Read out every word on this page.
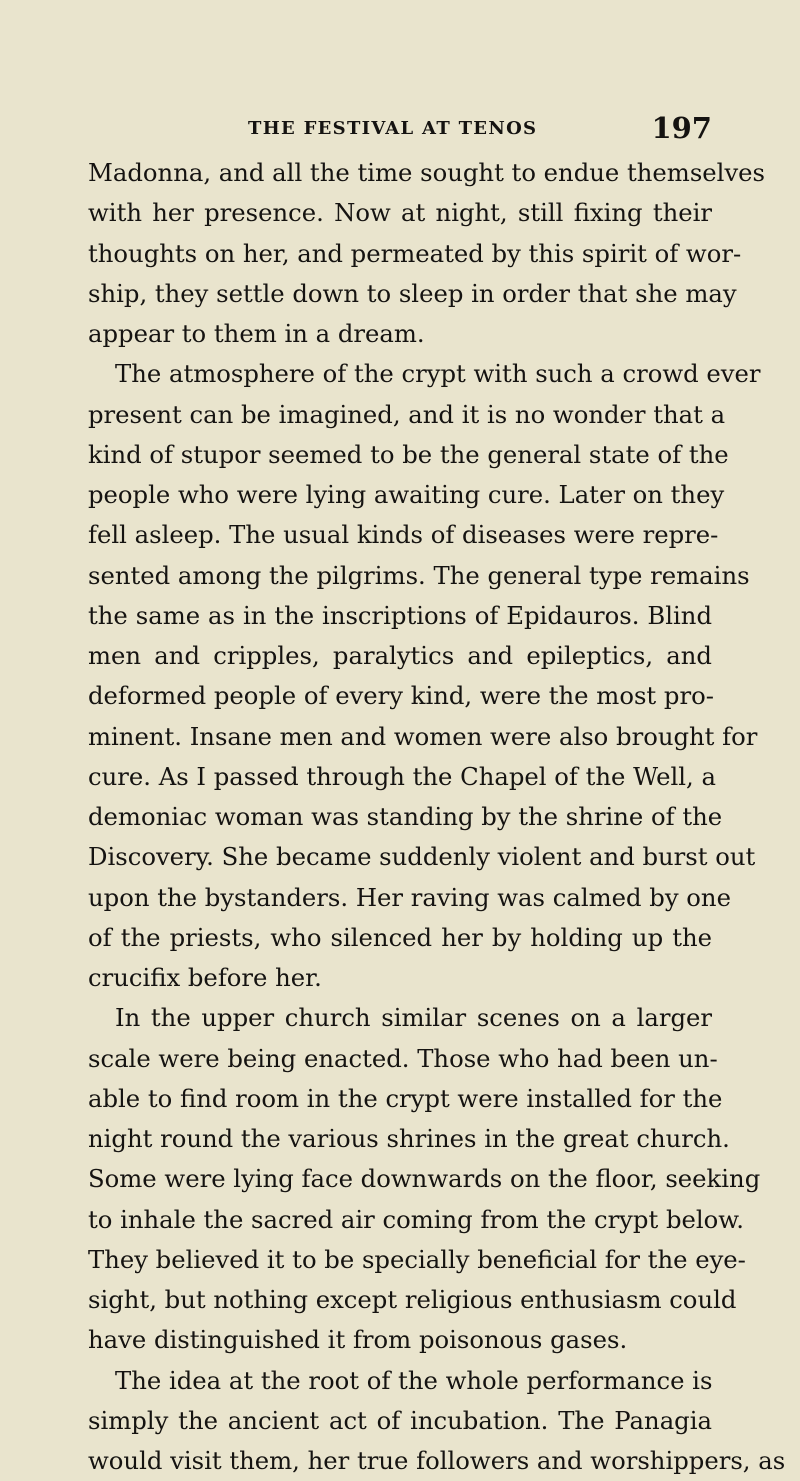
THE FESTIVAL AT TENOS	197
Madonna, and all the time sought to endue themselves
with her presence. Now at night, still fixing their
thoughts on her, and permeated by this spirit of wor-
ship, they settle down to sleep in order that she may
appear to them in a dream.
The atmosphere of the crypt with such a crowd ever
present can be imagined, and it is no wonder that a
kind of stupor seemed to be the general state of the
people who were lying awaiting cure. Later on they
fell asleep. The usual kinds of diseases were repre-
sented among the pilgrims. The general type remains
the same as in the inscriptions of Epidauros. Blind
men and cripples, paralytics and epileptics, and
deformed people of every kind, were the most pro-
minent. Insane men and women were also brought for
cure. As I passed through the Chapel of the Well, a
demoniac woman was standing by the shrine of the
Discovery. She became suddenly violent and burst out
upon the bystanders. Her raving was calmed by one
of the priests, who silenced her by holding up the
crucifix before her.
In the upper church similar scenes on a larger
scale were being enacted. Those who had been un-
able to find room in the crypt were installed for the
night round the various shrines in the great church.
Some were lying face downwards on the floor, seeking
to inhale the sacred air coming from the crypt below.
They believed it to be specially beneficial for the eye-
sight, but nothing except religious enthusiasm could
have distinguished it from poisonous gases.
The idea at the root of the whole performance is
simply the ancient act of incubation. The Panagia
would visit them, her true followers and worshippers, as
